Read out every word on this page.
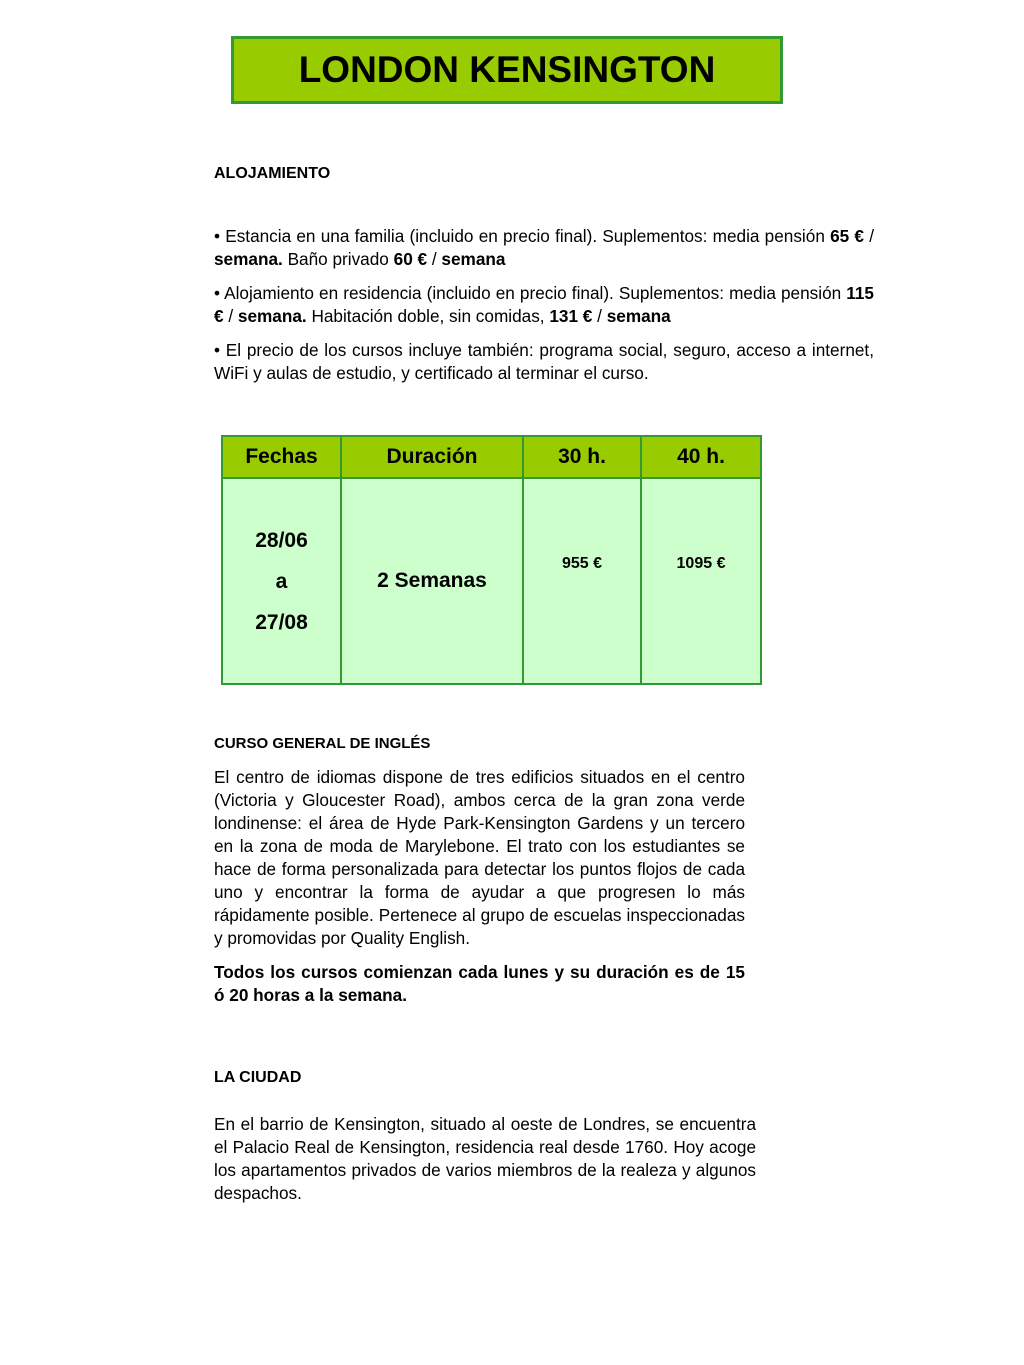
LONDON KENSINGTON
ALOJAMIENTO

• Estancia en una familia (incluido en precio final). Suplementos: media pensión 65 € / semana. Baño privado 60 € / semana

• Alojamiento en residencia (incluido en precio final). Suplementos: media pensión 115 € / semana. Habitación doble, sin comidas, 131 € / semana

• El precio de los cursos incluye también: programa social, seguro, acceso a internet, WiFi y aulas de estudio, y certificado al terminar el curso.

Fechas	Duración	30 h.	40 h.

28/06
a
27/08	2 Semanas	955 €	1095 €
CURSO GENERAL DE INGLÉS

El centro de idiomas dispone de tres edificios situados en el centro (Victoria y Gloucester Road), ambos cerca de la gran zona verde londinense: el área de Hyde Park-Kensington Gardens y un tercero en la zona de moda de Marylebone. El trato con los estudiantes se hace de forma personalizada para detectar los puntos flojos de cada uno y encontrar la forma de ayudar a que progresen lo más rápidamente posible. Pertenece al grupo de escuelas inspeccionadas y promovidas por Quality English.

Todos los cursos comienzan cada lunes y su duración es de 15 ó 20 horas a la semana.

LA CIUDAD

En el barrio de Kensington, situado al oeste de Londres, se encuentra el Palacio Real de Kensington, residencia real desde 1760. Hoy acoge los apartamentos privados de varios miembros de la realeza y algunos despachos.
